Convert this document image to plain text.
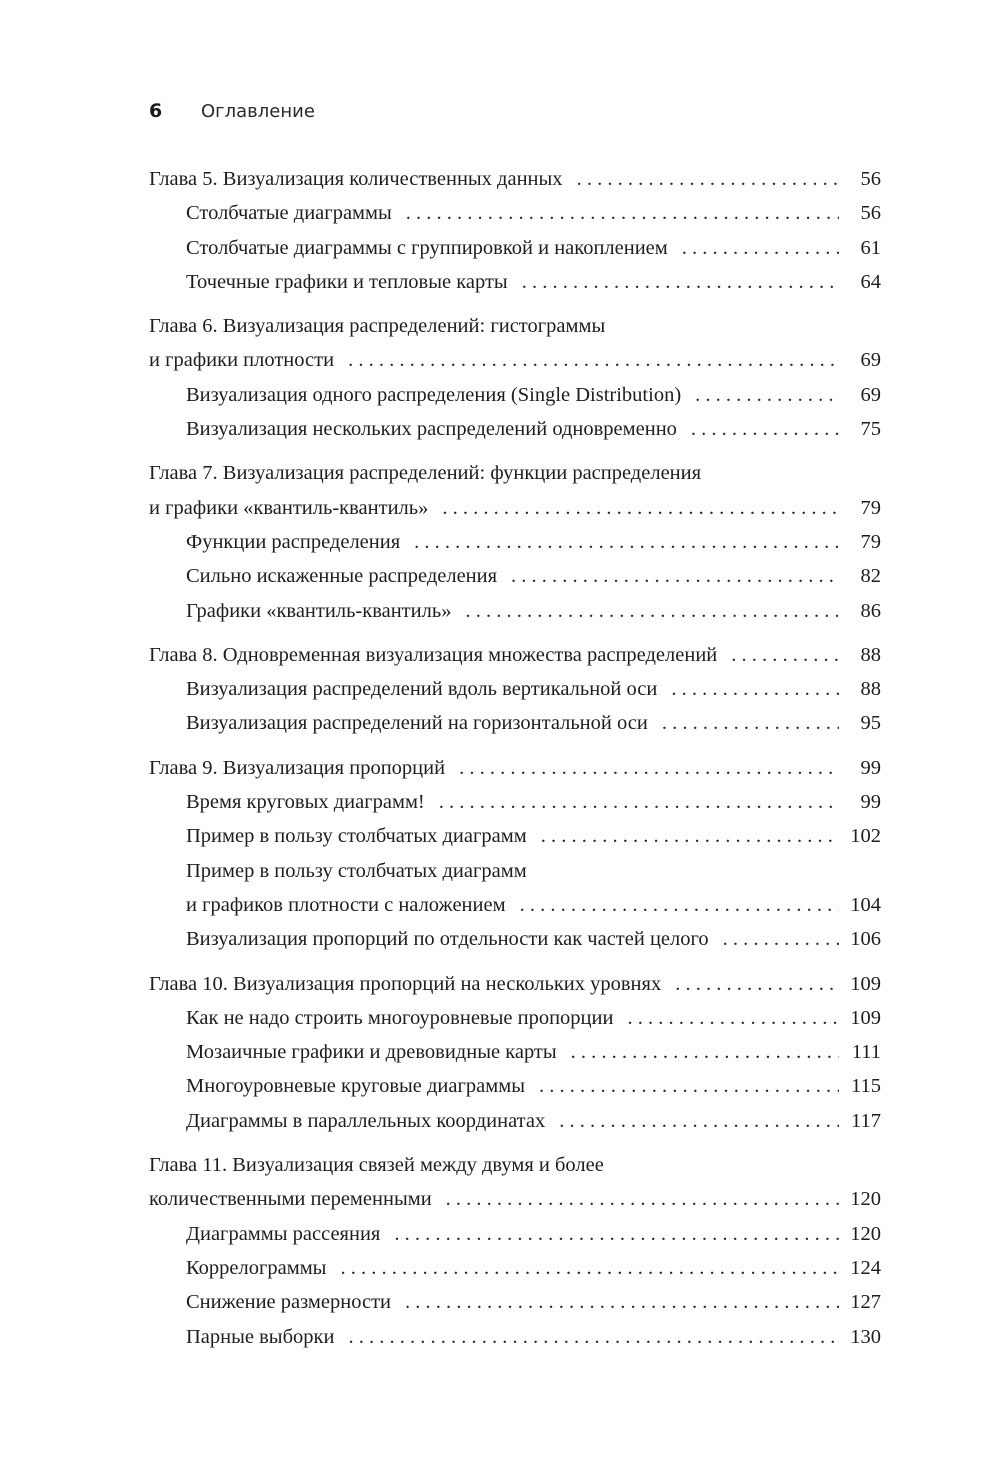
6	Оглавление
Глава 5. Визуализация количественных данных . . .	56
Столбчатые диаграммы . . .	56
Столбчатые диаграммы с группировкой и накоплением . . .	61
Точечные графики и тепловые карты . . .	64
Глава 6. Визуализация распределений: гистограммы
и графики плотности . . .	69
Визуализация одного распределения (Single Distribution) . . .	69
Визуализация нескольких распределений одновременно . . .	75
Глава 7. Визуализация распределений: функции распределения
и графики «квантиль-квантиль» . . .	79
Функции распределения . . .	79
Сильно искаженные распределения . . .	82
Графики «квантиль-квантиль» . . .	86
Глава 8. Одновременная визуализация множества распределений . . .	88
Визуализация распределений вдоль вертикальной оси . . .	88
Визуализация распределений на горизонтальной оси . . .	95
Глава 9. Визуализация пропорций . . .	99
Время круговых диаграмм! . . .	99
Пример в пользу столбчатых диаграмм . . .	102
Пример в пользу столбчатых диаграмм
и графиков плотности с наложением . . .	104
Визуализация пропорций по отдельности как частей целого . . .	106
Глава 10. Визуализация пропорций на нескольких уровнях . . .	109
Как не надо строить многоуровневые пропорции . . .	109
Мозаичные графики и древовидные карты . . .	111
Многоуровневые круговые диаграммы . . .	115
Диаграммы в параллельных координатах . . .	117
Глава 11. Визуализация связей между двумя и более
количественными переменными . . .	120
Диаграммы рассеяния . . .	120
Коррелограммы . . .	124
Снижение размерности . . .	127
Парные выборки . . .	130
